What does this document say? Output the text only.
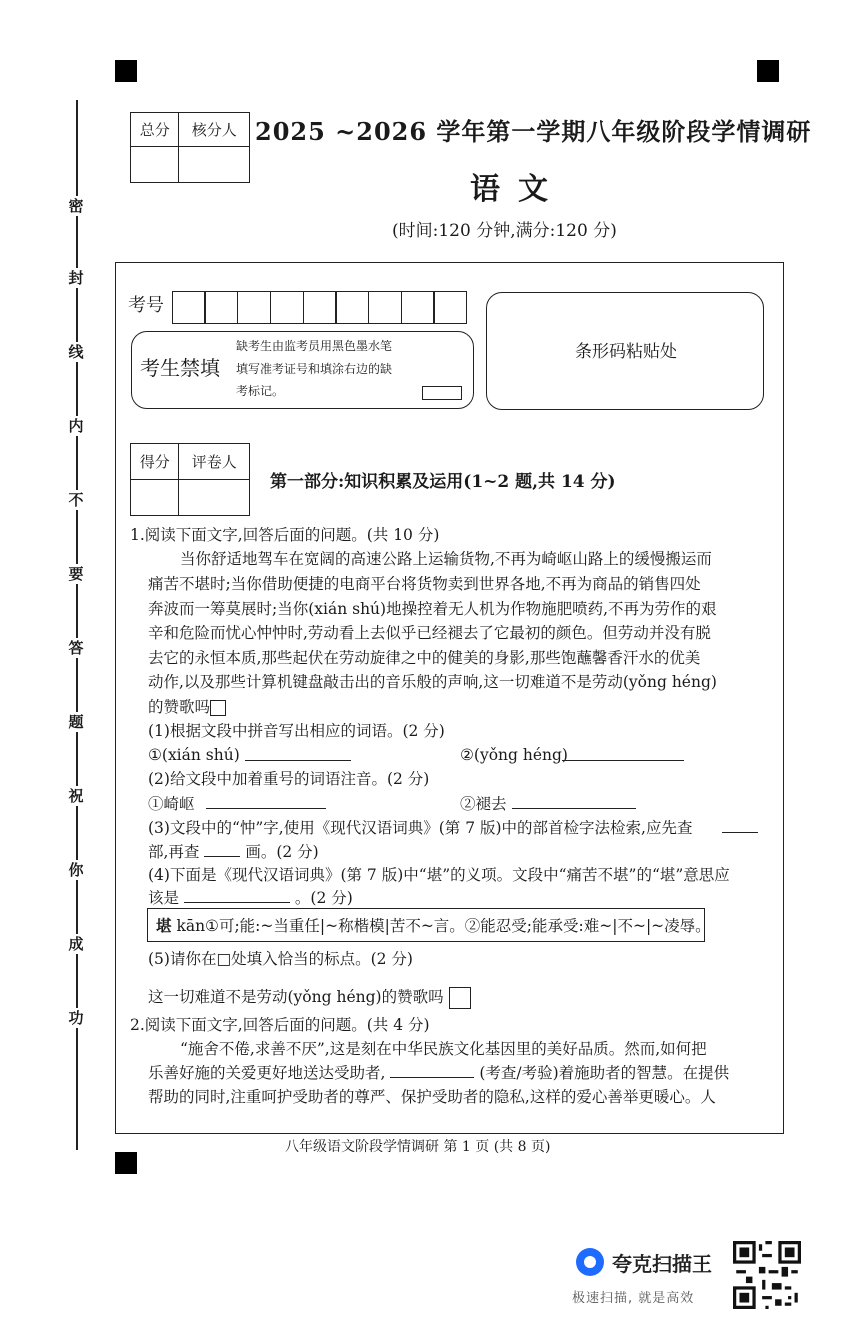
密
封
线
内
不
要
答
题
祝
你
成
功
总分	核分人
	2025 ~2026 学年第一学期八年级阶段学情调研
语文
(时间:120 分钟,满分:120 分)
考号
考生禁填
缺考生由监考员用黑色墨水笔
填写准考证号和填涂右边的缺
考标记。
条形码粘贴处
得分	评卷人

第一部分:知识积累及运用(1~2 题,共 14 分)
1.阅读下面文字,回答后面的问题。(共 10 分)
当你舒适地驾车在宽阔的高速公路上运输货物,不再为崎岖山路上的缓慢搬运而
痛苦不堪时;当你借助便捷的电商平台将货物卖到世界各地,不再为商品的销售四处
奔波而一筹莫展时;当你(xián shú)地操控着无人机为作物施肥喷药,不再为劳作的艰
辛和危险而忧心忡忡时,劳动看上去似乎已经褪去了它最初的颜色。但劳动并没有脱
去它的永恒本质,那些起伏在劳动旋律之中的健美的身影,那些饱蘸馨香汗水的优美
动作,以及那些计算机键盘敲击出的音乐般的声响,这一切难道不是劳动(yǒng héng)
的赞歌吗
(1)根据文段中拼音写出相应的词语。(2 分)
①(xián shú)	②(yǒng héng)
(2)给文段中加着重号的词语注音。(2 分)
①崎岖	②褪去
(3)文段中的“忡”字,使用《现代汉语词典》(第 7 版)中的部首检字法检索,应先查
部,再查	画。(2 分)
(4)下面是《现代汉语词典》(第 7 版)中“堪”的义项。文段中“痛苦不堪”的“堪”意思应
该是	。(2 分)
堪 kān①可;能:~当重任|~称楷模|苦不~言。②能忍受;能承受:难~|不~|~凌辱。
(5)请你在□处填入恰当的标点。(2 分)
这一切难道不是劳动(yǒng héng)的赞歌吗
2.阅读下面文字,回答后面的问题。(共 4 分)
“施舍不倦,求善不厌”,这是刻在中华民族文化基因里的美好品质。然而,如何把
乐善好施的关爱更好地送达受助者,	(考查/考验)着施助者的智慧。在提供
帮助的同时,注重呵护受助者的尊严、保护受助者的隐私,这样的爱心善举更暖心。人
八年级语文阶段学情调研 第 1 页 (共 8 页)
夸克扫描王
极速扫描, 就是高效
